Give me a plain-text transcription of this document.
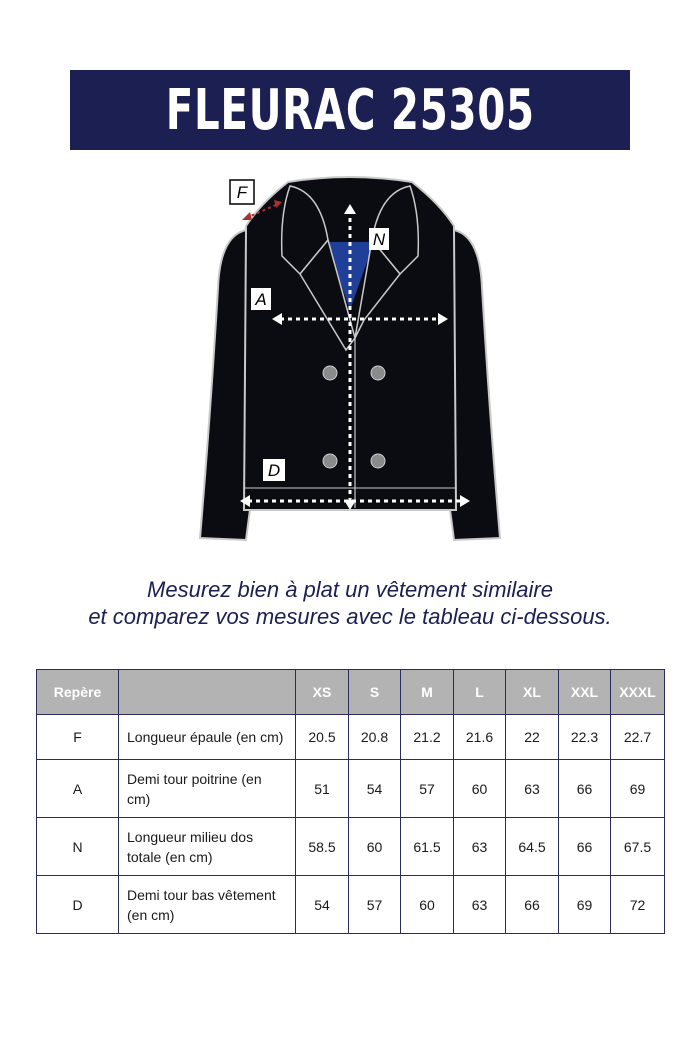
FLEURAC 25305
F
N
A
D
Mesurez bien à plat un vêtement similaire
et comparez vos mesures avec le tableau ci-dessous.
Repère		XS	S	M	L	XL	XXL	XXXL
F	Longueur épaule (en cm)	20.5	20.8	21.2	21.6	22	22.3	22.7
A	Demi tour poitrine (en cm)	51	54	57	60	63	66	69
N	Longueur milieu dos totale (en cm)	58.5	60	61.5	63	64.5	66	67.5
D	Demi tour bas vêtement (en cm)	54	57	60	63	66	69	72
